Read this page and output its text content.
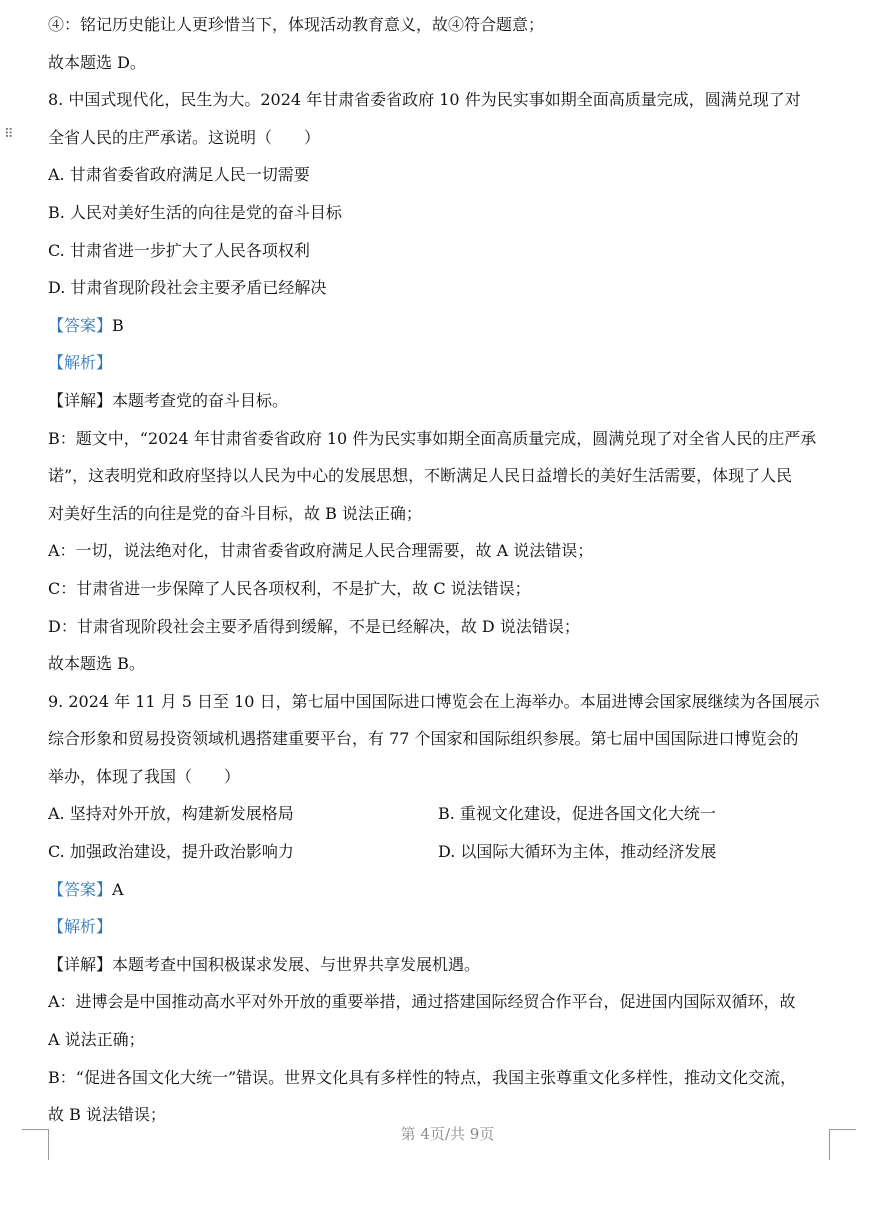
⠿
④：铭记历史能让人更珍惜当下，体现活动教育意义，故④符合题意；
故本题选 D。
8. 中国式现代化，民生为大。2024 年甘肃省委省政府 10 件为民实事如期全面高质量完成，圆满兑现了对
全省人民的庄严承诺。这说明（　　）
A. 甘肃省委省政府满足人民一切需要
B. 人民对美好生活的向往是党的奋斗目标
C. 甘肃省进一步扩大了人民各项权利
D. 甘肃省现阶段社会主要矛盾已经解决
【答案】B
【解析】
【详解】本题考查党的奋斗目标。
B：题文中，“2024 年甘肃省委省政府 10 件为民实事如期全面高质量完成，圆满兑现了对全省人民的庄严承
诺”，这表明党和政府坚持以人民为中心的发展思想，不断满足人民日益增长的美好生活需要，体现了人民
对美好生活的向往是党的奋斗目标，故 B 说法正确；
A：一切，说法绝对化，甘肃省委省政府满足人民合理需要，故 A 说法错误；
C：甘肃省进一步保障了人民各项权利，不是扩大，故 C 说法错误；
D：甘肃省现阶段社会主要矛盾得到缓解，不是已经解决，故 D 说法错误；
故本题选 B。
9. 2024 年 11 月 5 日至 10 日，第七届中国国际进口博览会在上海举办。本届进博会国家展继续为各国展示
综合形象和贸易投资领域机遇搭建重要平台，有 77 个国家和国际组织参展。第七届中国国际进口博览会的
举办，体现了我国（　　）
A. 坚持对外开放，构建新发展格局	B. 重视文化建设，促进各国文化大统一
C. 加强政治建设，提升政治影响力	D. 以国际大循环为主体，推动经济发展
【答案】A
【解析】
【详解】本题考查中国积极谋求发展、与世界共享发展机遇。
A：进博会是中国推动高水平对外开放的重要举措，通过搭建国际经贸合作平台，促进国内国际双循环，故
A 说法正确；
B：“促进各国文化大统一”错误。世界文化具有多样性的特点，我国主张尊重文化多样性，推动文化交流，
故 B 说法错误；
第 4页/共 9页
